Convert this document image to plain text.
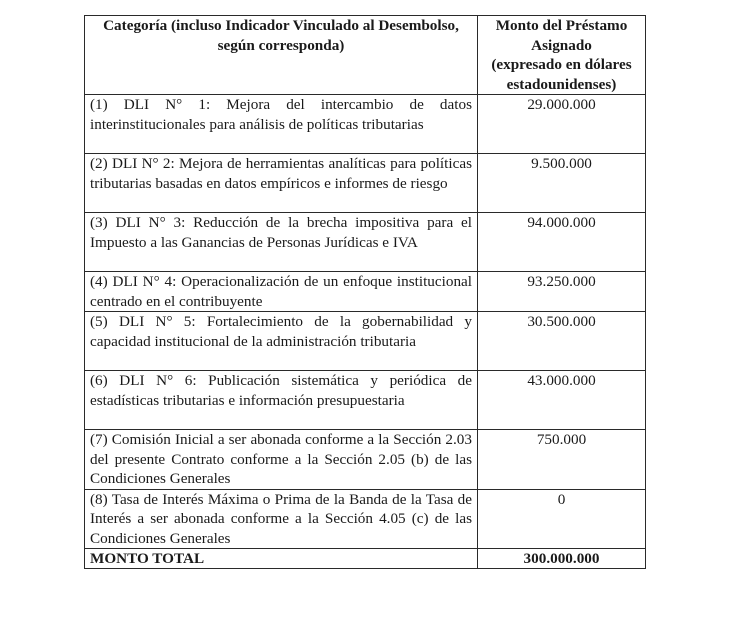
Categoría (incluso Indicador Vinculado al Desembolso, según corresponda)	Monto del Préstamo
Asignado
(expresado en dólares
estadounidenses)

(1) DLI N° 1: Mejora del intercambio de datos interinstitucionales para análisis de políticas tributarias	29.000.000
(2) DLI N° 2: Mejora de herramientas analíticas para políticas tributarias basadas en datos empíricos e informes de riesgo	9.500.000
(3) DLI N° 3: Reducción de la brecha impositiva para el Impuesto a las Ganancias de Personas Jurídicas e IVA	94.000.000
(4) DLI N° 4: Operacionalización de un enfoque institucional centrado en el contribuyente	93.250.000
(5) DLI N° 5: Fortalecimiento de la gobernabilidad y capacidad institucional de la administración tributaria	30.500.000
(6) DLI N° 6: Publicación sistemática y periódica de estadísticas tributarias e información presupuestaria	43.000.000
(7) Comisión Inicial a ser abonada conforme a la Sección 2.03 del presente Contrato conforme a la Sección 2.05 (b) de las Condiciones Generales	750.000
(8) Tasa de Interés Máxima o Prima de la Banda de la Tasa de Interés a ser abonada conforme a la Sección 4.05 (c) de las Condiciones Generales	0
MONTO TOTAL	300.000.000
